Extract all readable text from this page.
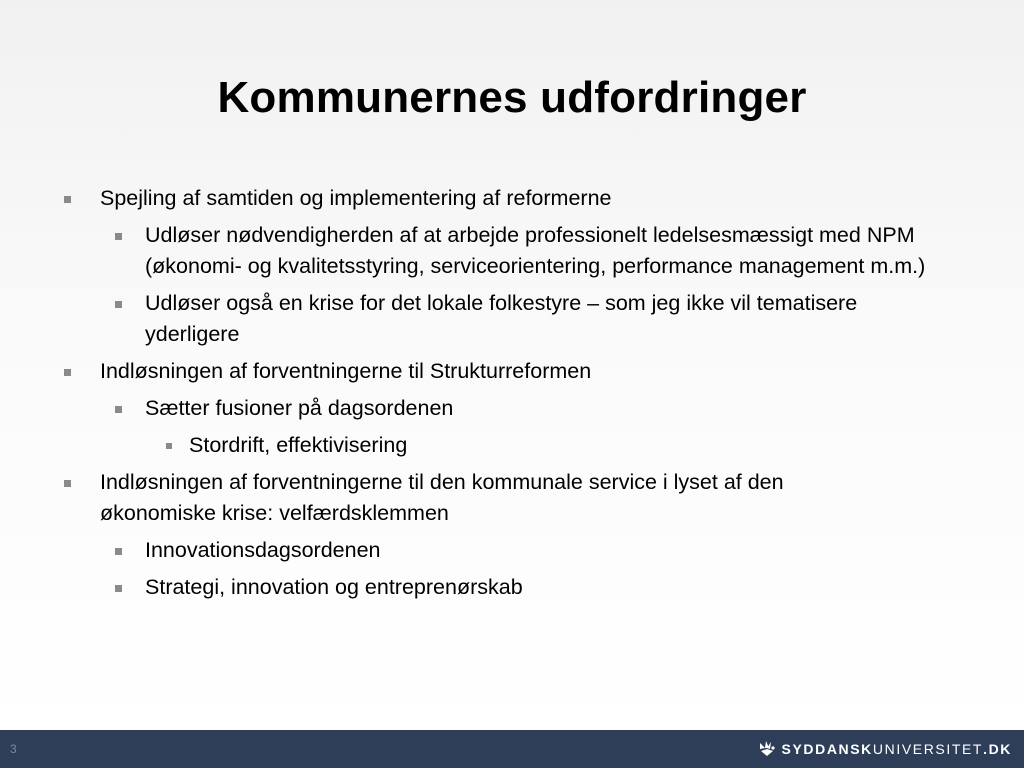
Kommunernes udfordringer
Spejling af samtiden og implementering af reformerne
Udløser nødvendigherden af at arbejde professionelt ledelsesmæssigt med NPM (økonomi- og kvalitetsstyring, serviceorientering, performance management m.m.)
Udløser også en krise for det lokale folkestyre – som jeg ikke vil tematisere yderligere
Indløsningen af forventningerne til Strukturreformen
Sætter fusioner på dagsordenen
Stordrift, effektivisering
Indløsningen af forventningerne til den kommunale service i lyset af den økonomiske krise: velfærdsklemmen
Innovationsdagsordenen
Strategi, innovation og entreprenørskab
3	SYDDANSKUNIVERSITET.DK
